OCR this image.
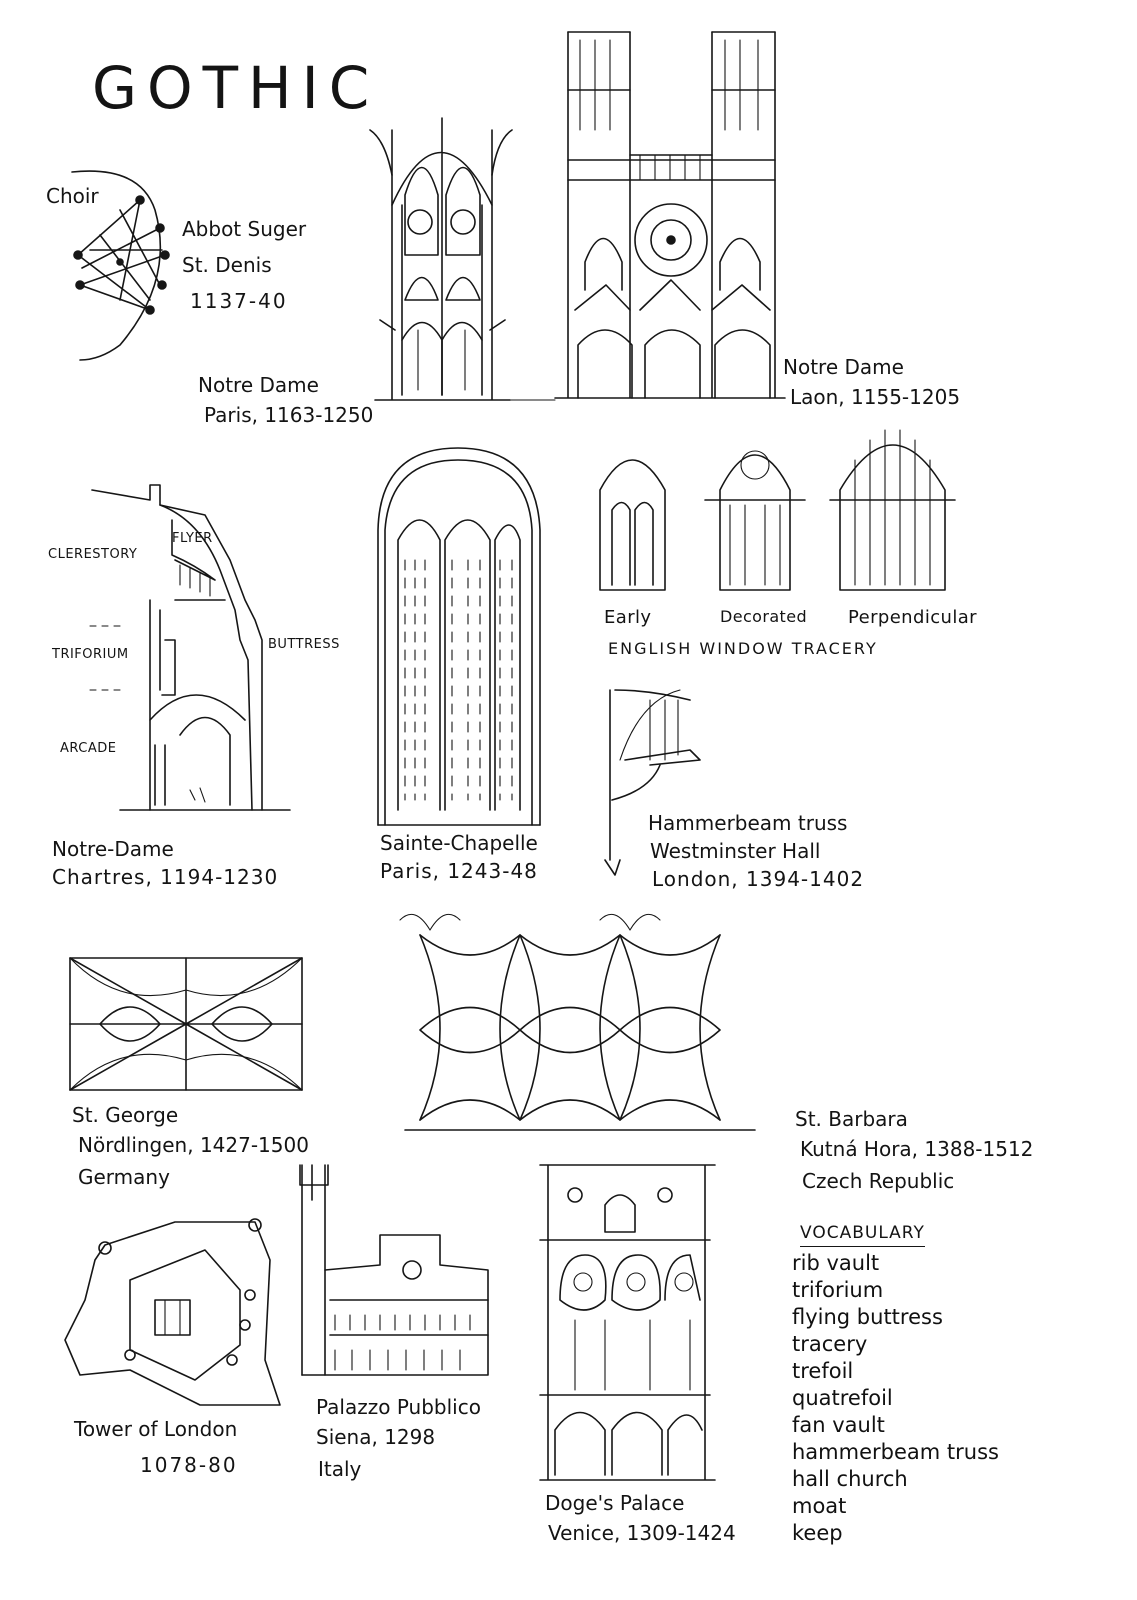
GOTHIC
Choir
Abbot Suger
St. Denis
1137-40
Notre Dame
Paris, 1163-1250
Notre Dame
Laon, 1155-1205
CLERESTORY
FLYER
TRIFORIUM
BUTTRESS
ARCADE
Notre-Dame
Chartres, 1194-1230
Sainte-Chapelle
Paris, 1243-48
Early	Decorated Perpendicular
ENGLISH WINDOW TRACERY
Hammerbeam truss
Westminster Hall
London, 1394-1402
St. George
Nördlingen, 1427-1500
Germany
St. Barbara
Kutná Hora, 1388-1512
Czech Republic
Tower of London
1078-80
Palazzo Pubblico
Siena, 1298
Italy
Doge's Palace
Venice, 1309-1424
VOCABULARY
rib vault
triforium
flying buttress
tracery
trefoil
quatrefoil
fan vault
hammerbeam truss
hall church
moat
keep
